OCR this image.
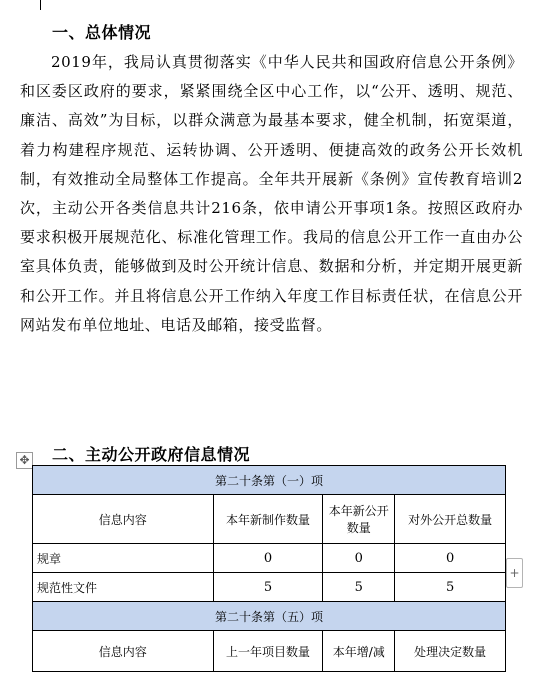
一、总体情况

2019年，我局认真贯彻落实《中华人民共和国政府信息公开条例》和区委区政府的要求，紧紧围绕全区中心工作，以“公开、透明、规范、廉洁、高效”为目标，以群众满意为最基本要求，健全机制，拓宽渠道，着力构建程序规范、运转协调、公开透明、便捷高效的政务公开长效机制，有效推动全局整体工作提高。全年共开展新《条例》宣传教育培训2次，主动公开各类信息共计216条，依申请公开事项1条。按照区政府办要求积极开展规范化、标准化管理工作。我局的信息公开工作一直由办公室具体负责，能够做到及时公开统计信息、数据和分析，并定期开展更新和公开工作。并且将信息公开工作纳入年度工作目标责任状，在信息公开网站发布单位地址、电话及邮箱，接受监督。

✥ 二、主动公开政府信息情况
第二十条第（一）项			
信息内容	本年新制作数量	本年新公开数量	对外公开总数量
规章	0	0	0
规范性文件	5	5	5
第二十条第（五）项			
信息内容	上一年项目数量	本年增/减	处理决定数量
+
